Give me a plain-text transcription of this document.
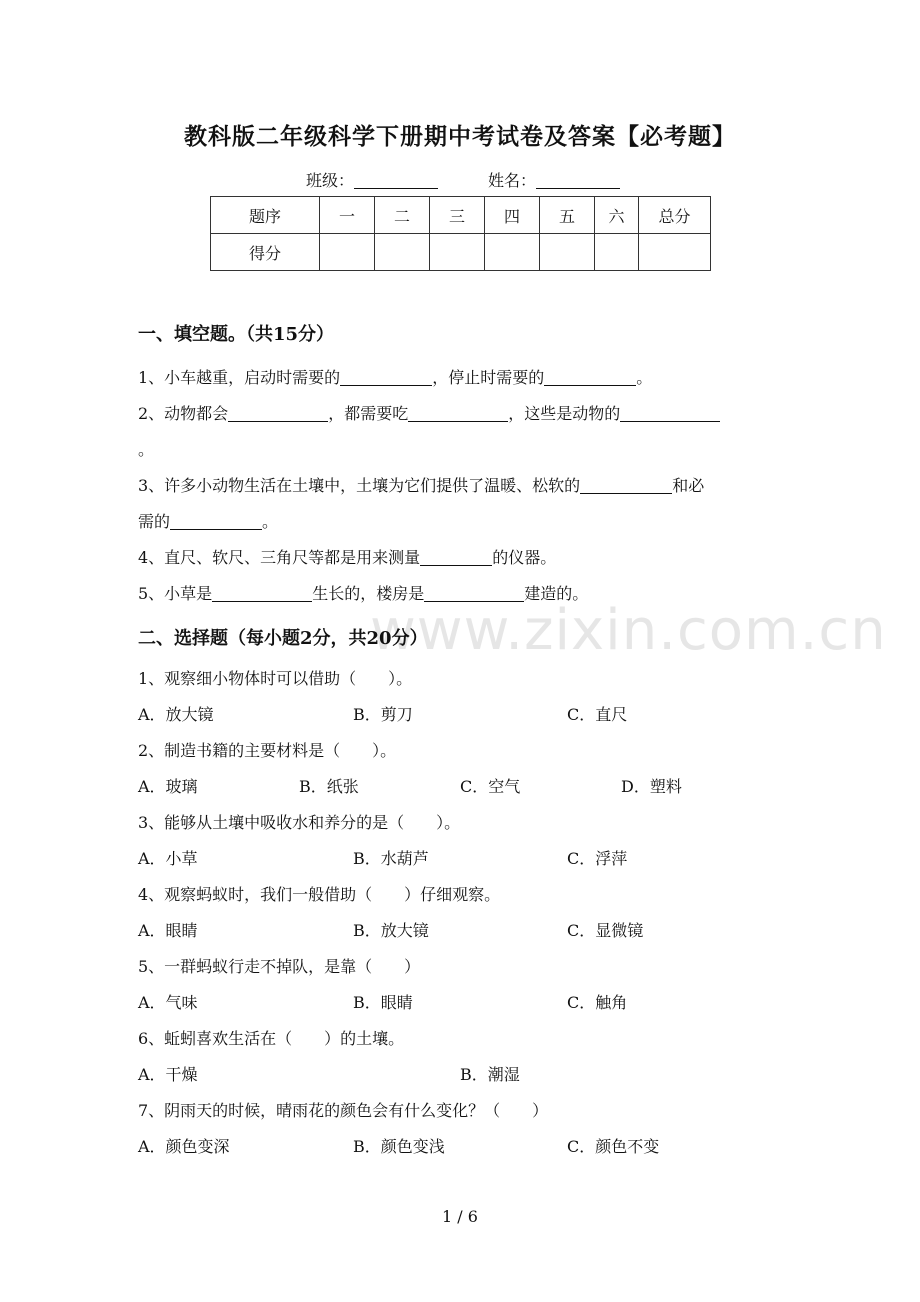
www.zixin.com.cn
教科版二年级科学下册期中考试卷及答案【必考题】
班级：	姓名：
题序	一	二	三	四	五	六	总分
得分							
一、填空题。（共15分）
1、小车越重，启动时需要的	，停止时需要的	。
2、动物都会	，都需要吃	，这些是动物的
。
3、许多小动物生活在土壤中，土壤为它们提供了温暖、松软的	和必
需的	。
4、直尺、软尺、三角尺等都是用来测量	的仪器。
5、小草是	生长的，楼房是	建造的。
二、选择题（每小题2分，共20分）
1、观察细小物体时可以借助（　　）。
A．放大镜	B．剪刀	C．直尺
2、制造书籍的主要材料是（　　）。
A．玻璃	B．纸张	C．空气	D．塑料
3、能够从土壤中吸收水和养分的是（　　）。
A．小草	B．水葫芦	C．浮萍
4、观察蚂蚁时，我们一般借助（　　）仔细观察。
A．眼睛	B．放大镜	C．显微镜
5、一群蚂蚁行走不掉队，是靠（　　）
A．气味	B．眼睛	C．触角
6、蚯蚓喜欢生活在（　　）的土壤。
A．干燥	B．潮湿
7、阴雨天的时候，晴雨花的颜色会有什么变化？（　　）
A．颜色变深	B．颜色变浅	C．颜色不变
1 / 6
